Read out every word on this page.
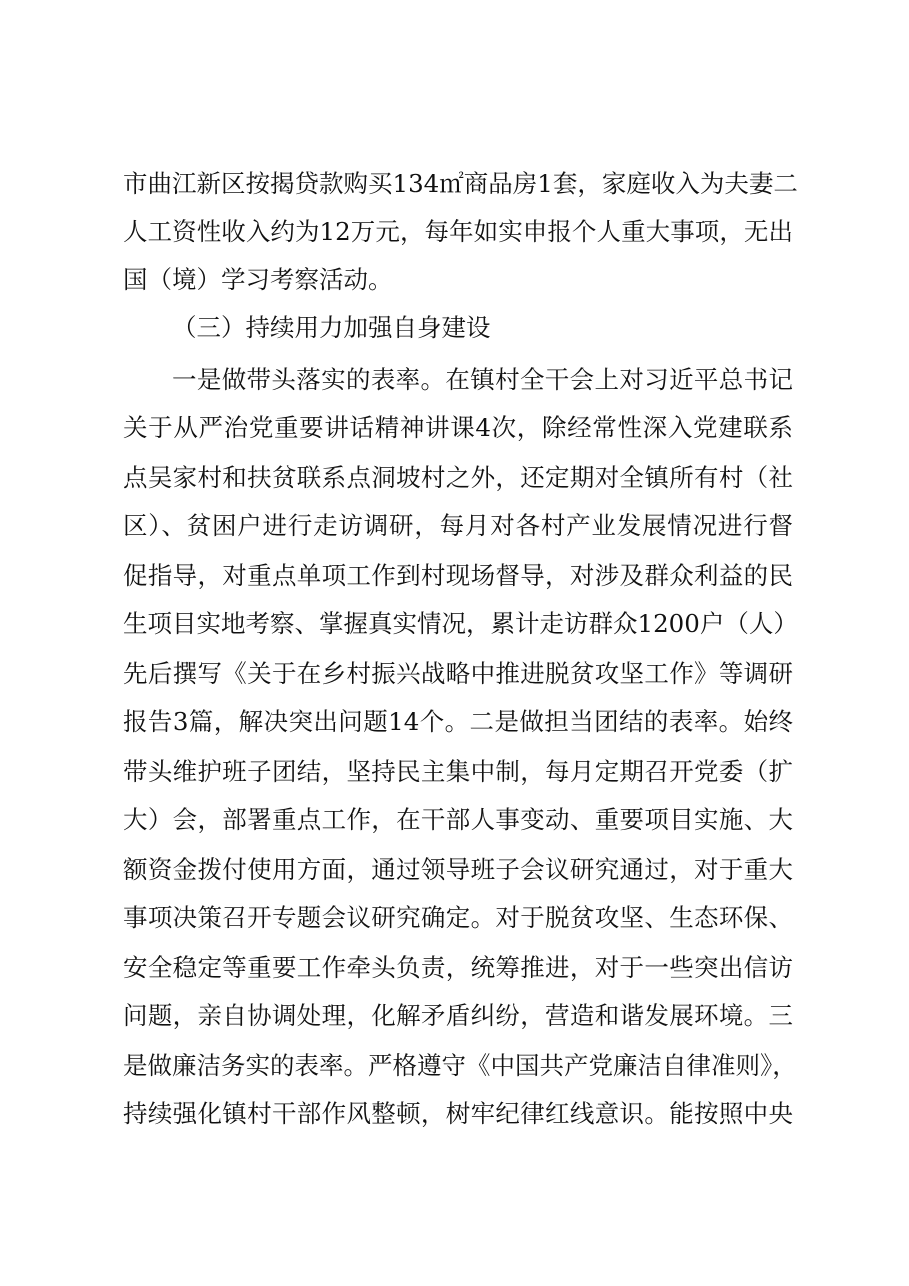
市曲江新区按揭贷款购买134㎡商品房1套，家庭收入为夫妻二
人工资性收入约为12万元，每年如实申报个人重大事项，无出
国（境）学习考察活动。
（三）持续用力加强自身建设
一是做带头落实的表率。在镇村全干会上对习近平总书记
关于从严治党重要讲话精神讲课4次，除经常性深入党建联系
点吴家村和扶贫联系点洞坡村之外，还定期对全镇所有村（社
区）、贫困户进行走访调研，每月对各村产业发展情况进行督
促指导，对重点单项工作到村现场督导，对涉及群众利益的民
生项目实地考察、掌握真实情况，累计走访群众1200户（人）
先后撰写《关于在乡村振兴战略中推进脱贫攻坚工作》等调研
报告3篇，解决突出问题14个。二是做担当团结的表率。始终
带头维护班子团结，坚持民主集中制，每月定期召开党委（扩
大）会，部署重点工作，在干部人事变动、重要项目实施、大
额资金拨付使用方面，通过领导班子会议研究通过，对于重大
事项决策召开专题会议研究确定。对于脱贫攻坚、生态环保、
安全稳定等重要工作牵头负责，统筹推进，对于一些突出信访
问题，亲自协调处理，化解矛盾纠纷，营造和谐发展环境。三
是做廉洁务实的表率。严格遵守《中国共产党廉洁自律准则》，
持续强化镇村干部作风整顿，树牢纪律红线意识。能按照中央
